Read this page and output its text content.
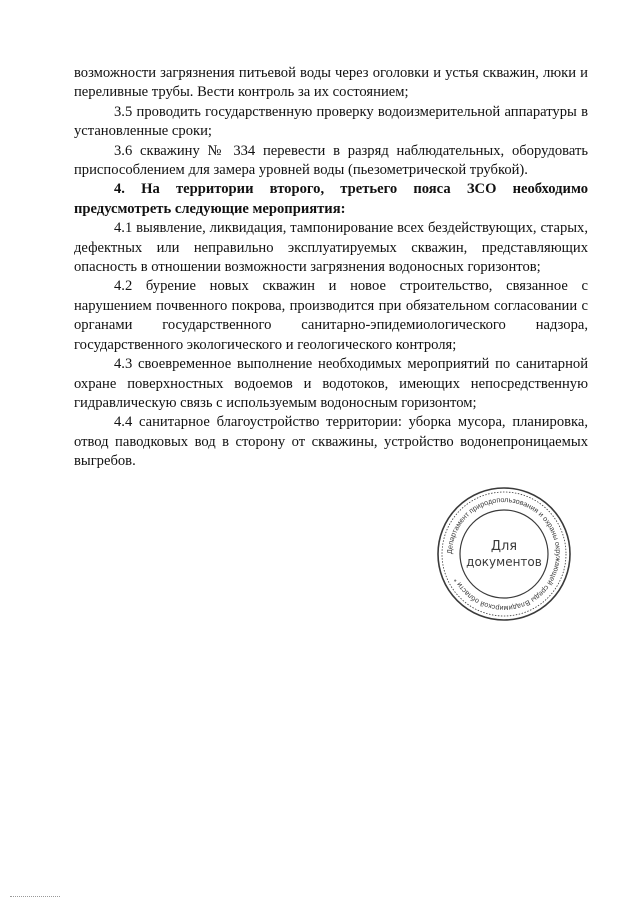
возможности загрязнения питьевой воды через оголовки и устья скважин, люки и переливные трубы. Вести контроль за их состоянием;

3.5 проводить государственную проверку водоизмерительной аппаратуры в установленные сроки;

3.6 скважину № 334 перевести в разряд наблюдательных, оборудовать приспособлением для замера уровней воды (пьезометрической трубкой).

4. На территории второго, третьего пояса ЗСО необходимо предусмотреть следующие мероприятия:

4.1 выявление, ликвидация, тампонирование всех бездействующих, старых, дефектных или неправильно эксплуатируемых скважин, представляющих опасность в отношении возможности загрязнения водоносных горизонтов;

4.2 бурение новых скважин и новое строительство, связанное с нарушением почвенного покрова, производится при обязательном согласовании с органами государственного санитарно-эпидемиологического надзора, государственного экологического и геологического контроля;

4.3 своевременное выполнение необходимых мероприятий по санитарной охране поверхностных водоемов и водотоков, имеющих непосредственную гидравлическую связь с используемым водоносным горизонтом;

4.4 санитарное благоустройство территории: уборка мусора, планировка, отвод паводковых вод в сторону от скважины, устройство водонепроницаемых выгребов.

Департамент природопользования и охраны окружающей среды Владимирской области *
Для
документов
